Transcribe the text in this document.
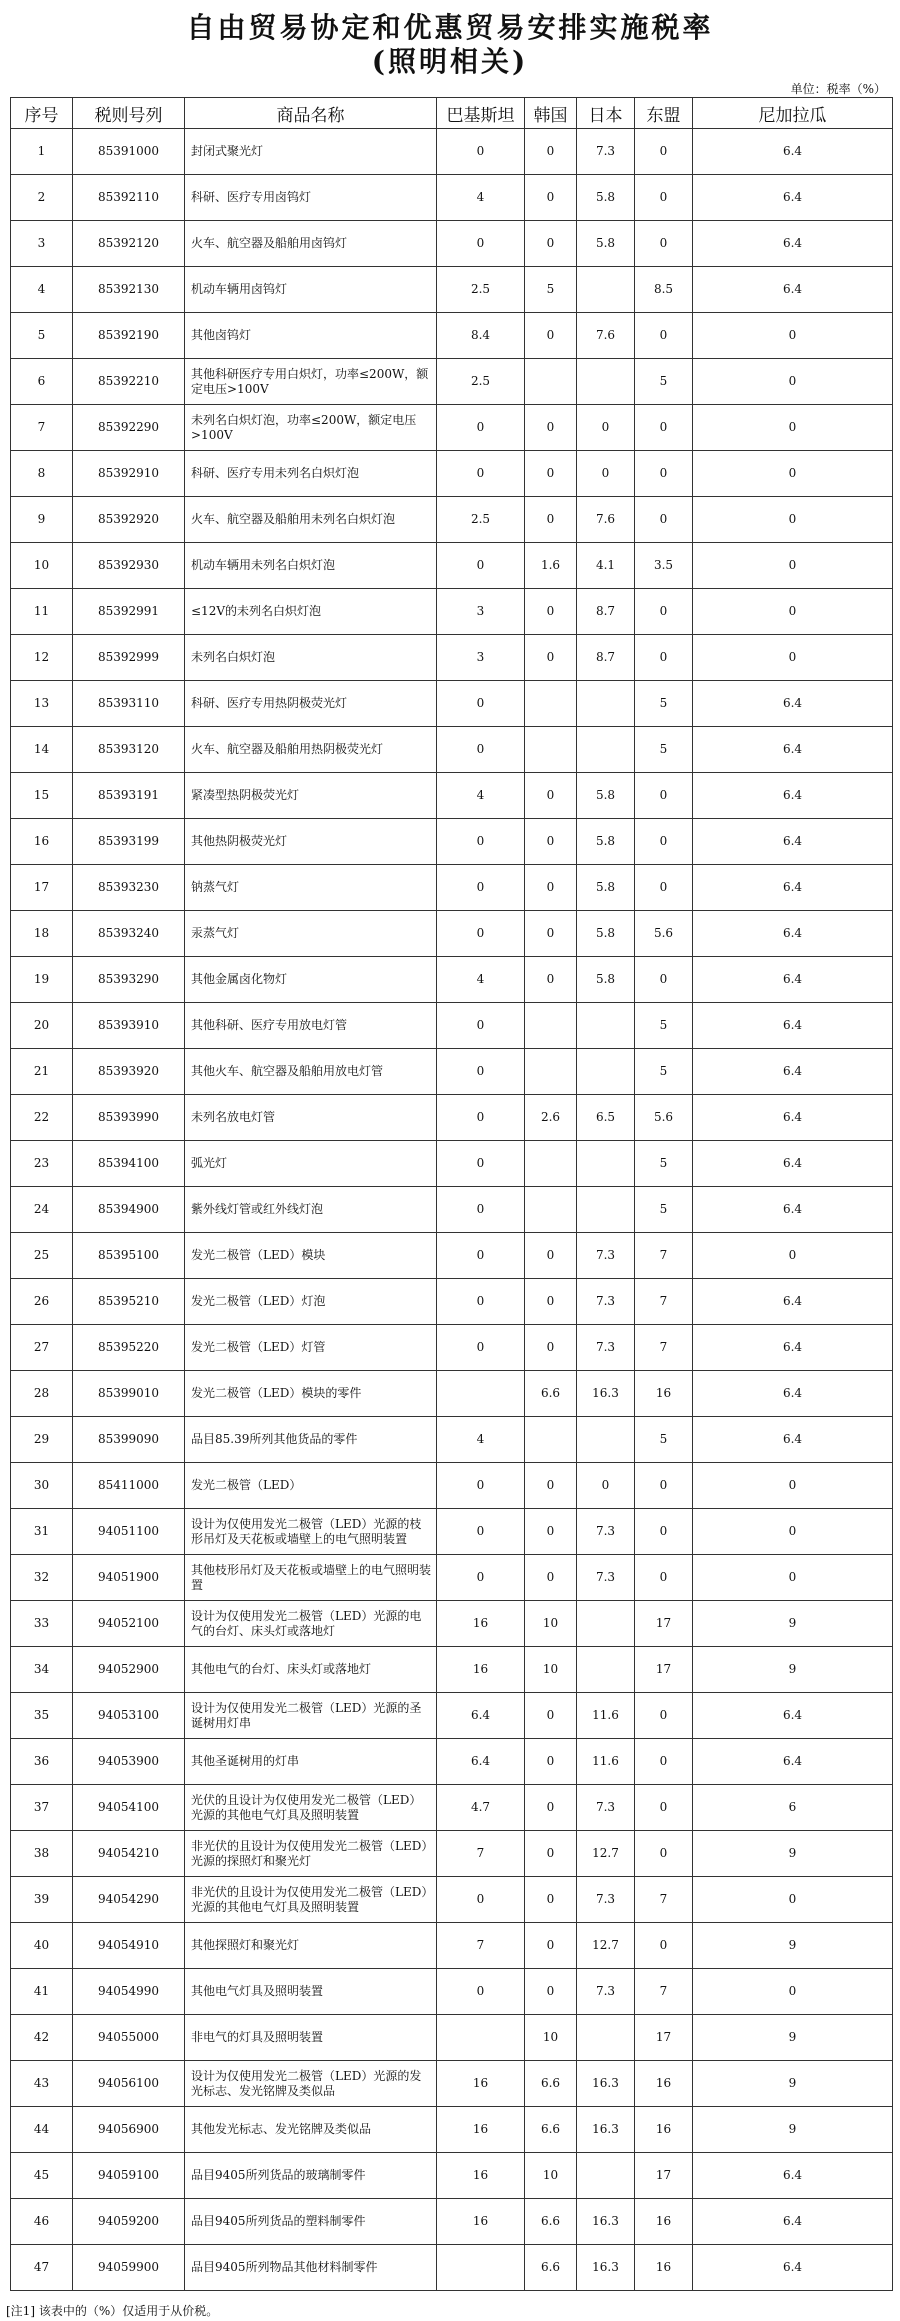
自由贸易协定和优惠贸易安排实施税率
(照明相关)
单位：税率（%）
序号	税则号列	商品名称	巴基斯坦	韩国	日本	东盟	尼加拉瓜
1	85391000	封闭式聚光灯	0	0	7.3	0	6.4
2	85392110	科研、医疗专用卤钨灯	4	0	5.8	0	6.4
3	85392120	火车、航空器及船舶用卤钨灯	0	0	5.8	0	6.4
4	85392130	机动车辆用卤钨灯	2.5	5		8.5	6.4
5	85392190	其他卤钨灯	8.4	0	7.6	0	0
6	85392210	其他科研医疗专用白炽灯，功率≤200W，额定电压>100V	2.5			5	0
7	85392290	未列名白炽灯泡，功率≤200W，额定电压>100V	0	0	0	0	0
8	85392910	科研、医疗专用未列名白炽灯泡	0	0	0	0	0
9	85392920	火车、航空器及船舶用未列名白炽灯泡	2.5	0	7.6	0	0
10	85392930	机动车辆用未列名白炽灯泡	0	1.6	4.1	3.5	0
11	85392991	≤12V的未列名白炽灯泡	3	0	8.7	0	0
12	85392999	未列名白炽灯泡	3	0	8.7	0	0
13	85393110	科研、医疗专用热阴极荧光灯	0			5	6.4
14	85393120	火车、航空器及船舶用热阴极荧光灯	0			5	6.4
15	85393191	紧凑型热阴极荧光灯	4	0	5.8	0	6.4
16	85393199	其他热阴极荧光灯	0	0	5.8	0	6.4
17	85393230	钠蒸气灯	0	0	5.8	0	6.4
18	85393240	汞蒸气灯	0	0	5.8	5.6	6.4
19	85393290	其他金属卤化物灯	4	0	5.8	0	6.4
20	85393910	其他科研、医疗专用放电灯管	0			5	6.4
21	85393920	其他火车、航空器及船舶用放电灯管	0			5	6.4
22	85393990	未列名放电灯管	0	2.6	6.5	5.6	6.4
23	85394100	弧光灯	0			5	6.4
24	85394900	紫外线灯管或红外线灯泡	0			5	6.4
25	85395100	发光二极管（LED）模块	0	0	7.3	7	0
26	85395210	发光二极管（LED）灯泡	0	0	7.3	7	6.4
27	85395220	发光二极管（LED）灯管	0	0	7.3	7	6.4
28	85399010	发光二极管（LED）模块的零件		6.6	16.3	16	6.4
29	85399090	品目85.39所列其他货品的零件	4			5	6.4
30	85411000	发光二极管（LED）	0	0	0	0	0
31	94051100	设计为仅使用发光二极管（LED）光源的枝形吊灯及天花板或墙壁上的电气照明装置	0	0	7.3	0	0
32	94051900	其他枝形吊灯及天花板或墙壁上的电气照明装置	0	0	7.3	0	0
33	94052100	设计为仅使用发光二极管（LED）光源的电气的台灯、床头灯或落地灯	16	10		17	9
34	94052900	其他电气的台灯、床头灯或落地灯	16	10		17	9
35	94053100	设计为仅使用发光二极管（LED）光源的圣诞树用灯串	6.4	0	11.6	0	6.4
36	94053900	其他圣诞树用的灯串	6.4	0	11.6	0	6.4
37	94054100	光伏的且设计为仅使用发光二极管（LED）光源的其他电气灯具及照明装置	4.7	0	7.3	0	6
38	94054210	非光伏的且设计为仅使用发光二极管（LED）光源的探照灯和聚光灯	7	0	12.7	0	9
39	94054290	非光伏的且设计为仅使用发光二极管（LED）光源的其他电气灯具及照明装置	0	0	7.3	7	0
40	94054910	其他探照灯和聚光灯	7	0	12.7	0	9
41	94054990	其他电气灯具及照明装置	0	0	7.3	7	0
42	94055000	非电气的灯具及照明装置		10		17	9
43	94056100	设计为仅使用发光二极管（LED）光源的发光标志、发光铭牌及类似品	16	6.6	16.3	16	9
44	94056900	其他发光标志、发光铭牌及类似品	16	6.6	16.3	16	9
45	94059100	品目9405所列货品的玻璃制零件	16	10		17	6.4
46	94059200	品目9405所列货品的塑料制零件	16	6.6	16.3	16	6.4
47	94059900	品目9405所列物品其他材料制零件		6.6	16.3	16	6.4
[注1] 该表中的（%）仅适用于从价税。
